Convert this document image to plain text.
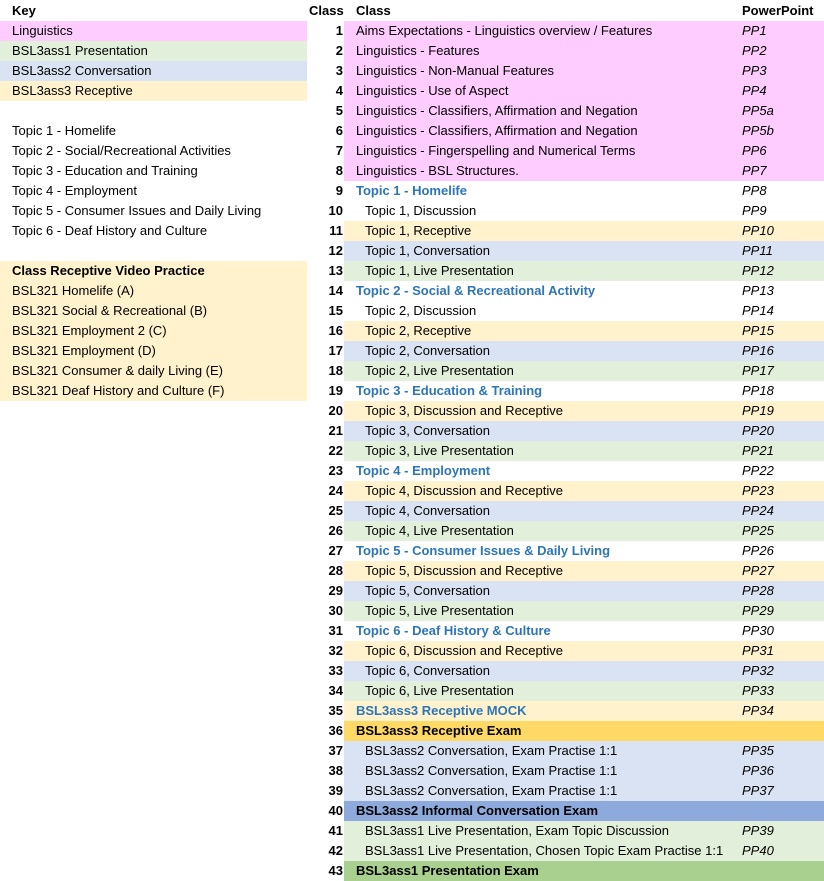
Key
Linguistics
BSL3ass1 Presentation
BSL3ass2 Conversation
BSL3ass3 Receptive
Topic 1 - Homelife
Topic 2 - Social/Recreational Activities
Topic 3 - Education and Training
Topic 4 - Employment
Topic 5 - Consumer Issues and Daily Living
Topic 6 - Deaf History and Culture
Class Receptive Video Practice
BSL321 Homelife (A)
BSL321 Social & Recreational (B)
BSL321 Employment 2 (C)
BSL321 Employment (D)
BSL321 Consumer & daily Living (E)
BSL321 Deaf History and Culture (F)
Class Class	PowerPoint
1 Aims Expectations - Linguistics overview / Features	PP1
2 Linguistics - Features	PP2
3 Linguistics - Non-Manual Features	PP3
4 Linguistics - Use of Aspect	PP4
5 Linguistics - Classifiers, Affirmation and Negation	PP5a
6 Linguistics - Classifiers, Affirmation and Negation	PP5b
7 Linguistics - Fingerspelling and Numerical Terms	PP6
8 Linguistics - BSL Structures.	PP7
9 Topic 1 - Homelife	PP8
10	Topic 1, Discussion	PP9
11	Topic 1, Receptive	PP10
12	Topic 1, Conversation	PP11
13	Topic 1, Live Presentation	PP12
14 Topic 2 - Social & Recreational Activity	PP13
15	Topic 2, Discussion	PP14
16	Topic 2, Receptive	PP15
17	Topic 2, Conversation	PP16
18	Topic 2, Live Presentation	PP17
19 Topic 3 - Education & Training	PP18
20	Topic 3, Discussion and Receptive	PP19
21	Topic 3, Conversation	PP20
22	Topic 3, Live Presentation	PP21
23 Topic 4 - Employment	PP22
24	Topic 4, Discussion and Receptive	PP23
25	Topic 4, Conversation	PP24
26	Topic 4, Live Presentation	PP25
27 Topic 5 - Consumer Issues & Daily Living	PP26
28	Topic 5, Discussion and Receptive	PP27
29	Topic 5, Conversation	PP28
30	Topic 5, Live Presentation	PP29
31 Topic 6 - Deaf History & Culture	PP30
32	Topic 6, Discussion and Receptive	PP31
33	Topic 6, Conversation	PP32
34	Topic 6, Live Presentation	PP33
35 BSL3ass3 Receptive MOCK	PP34
36 BSL3ass3 Receptive Exam
37	BSL3ass2 Conversation, Exam Practise 1:1	PP35
38	BSL3ass2 Conversation, Exam Practise 1:1	PP36
39	BSL3ass2 Conversation, Exam Practise 1:1	PP37
40 BSL3ass2 Informal Conversation Exam
41	BSL3ass1 Live Presentation, Exam Topic Discussion	PP39
42	BSL3ass1 Live Presentation, Chosen Topic Exam Practise 1:1 PP40
43 BSL3ass1 Presentation Exam
